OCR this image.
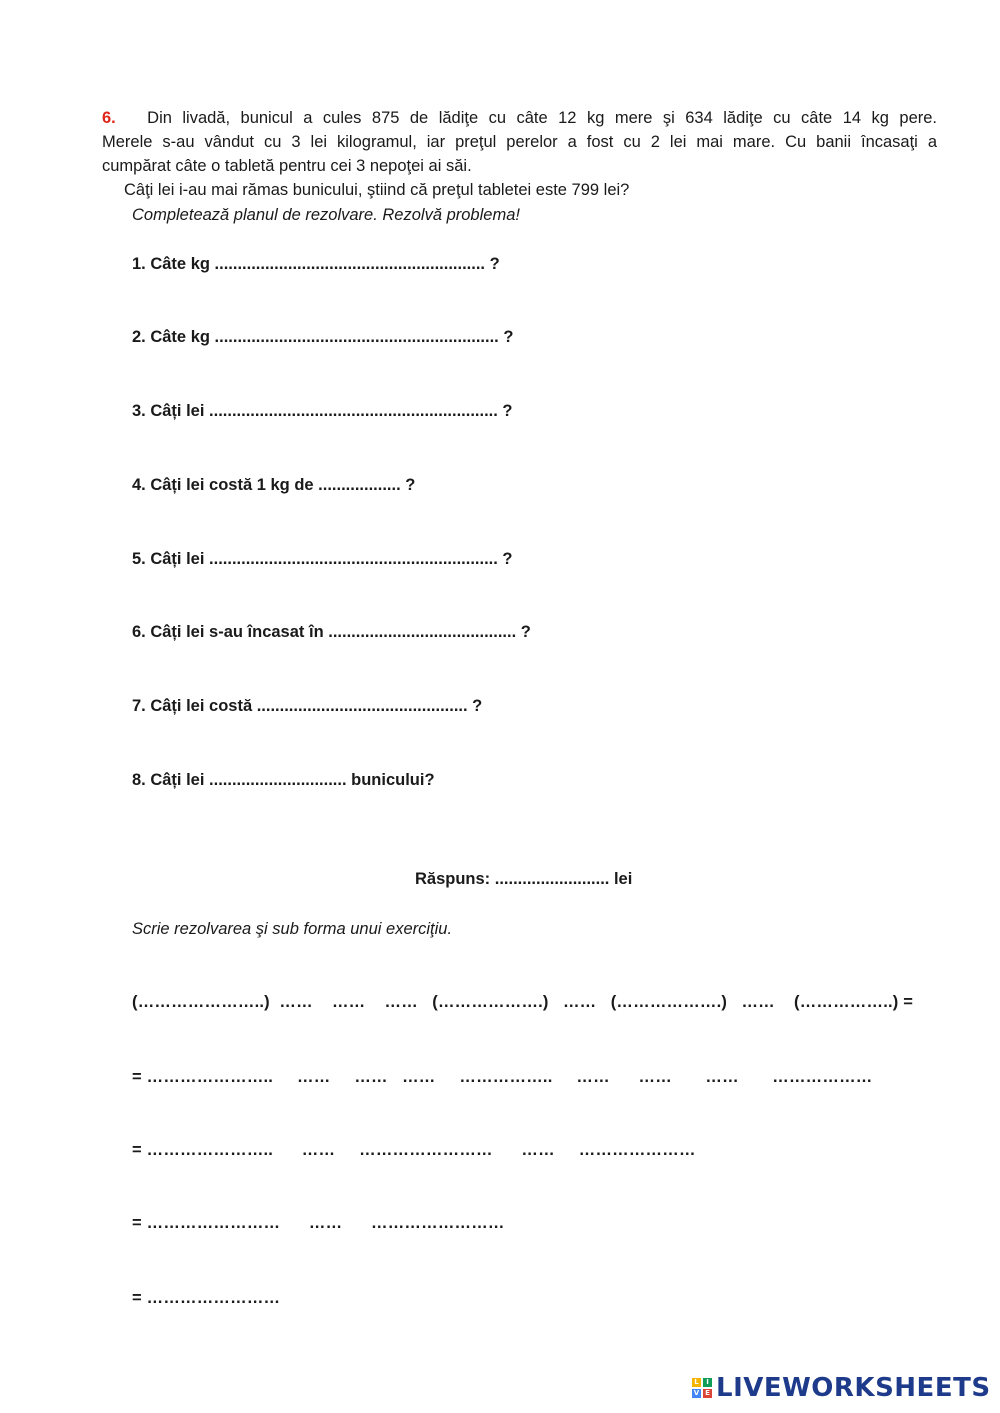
6. Din livadă, bunicul a cules 875 de lădiţe cu câte 12 kg mere şi 634 lădiţe cu câte 14 kg pere.
Merele s-au vândut cu 3 lei kilogramul, iar preţul perelor a fost cu 2 lei mai mare. Cu banii încasaţi a
cumpărat câte o tabletă pentru cei 3 nepoţei ai săi.
Câţi lei i-au mai rămas bunicului, ştiind că preţul tabletei este 799 lei?
Completează planul de rezolvare. Rezolvă problema!
1. Câte kg ........................................................... ?
2. Câte kg .............................................................. ?
3. Câți lei ............................................................... ?
4. Câți lei costă 1 kg de .................. ?
5. Câți lei ............................................................... ?
6. Câți lei s-au încasat în ......................................... ?
7. Câți lei costă .............................................. ?
8. Câți lei .............................. bunicului?
Răspuns: ......................... lei
Scrie rezolvarea şi sub forma unui exerciţiu.
(…………………..)  ……    ……    ……   (……………….)   ……   (……………….)   ……    (……………..) =
= …………………..     ……     ……   ……     ……………..     ……      ……       ……       ………………
= …………………..      ……     ……………………      ……     …………………
= ……………………      ……      ……………………
= ……………………
L	I
V E LIVEWORKSHEETS
